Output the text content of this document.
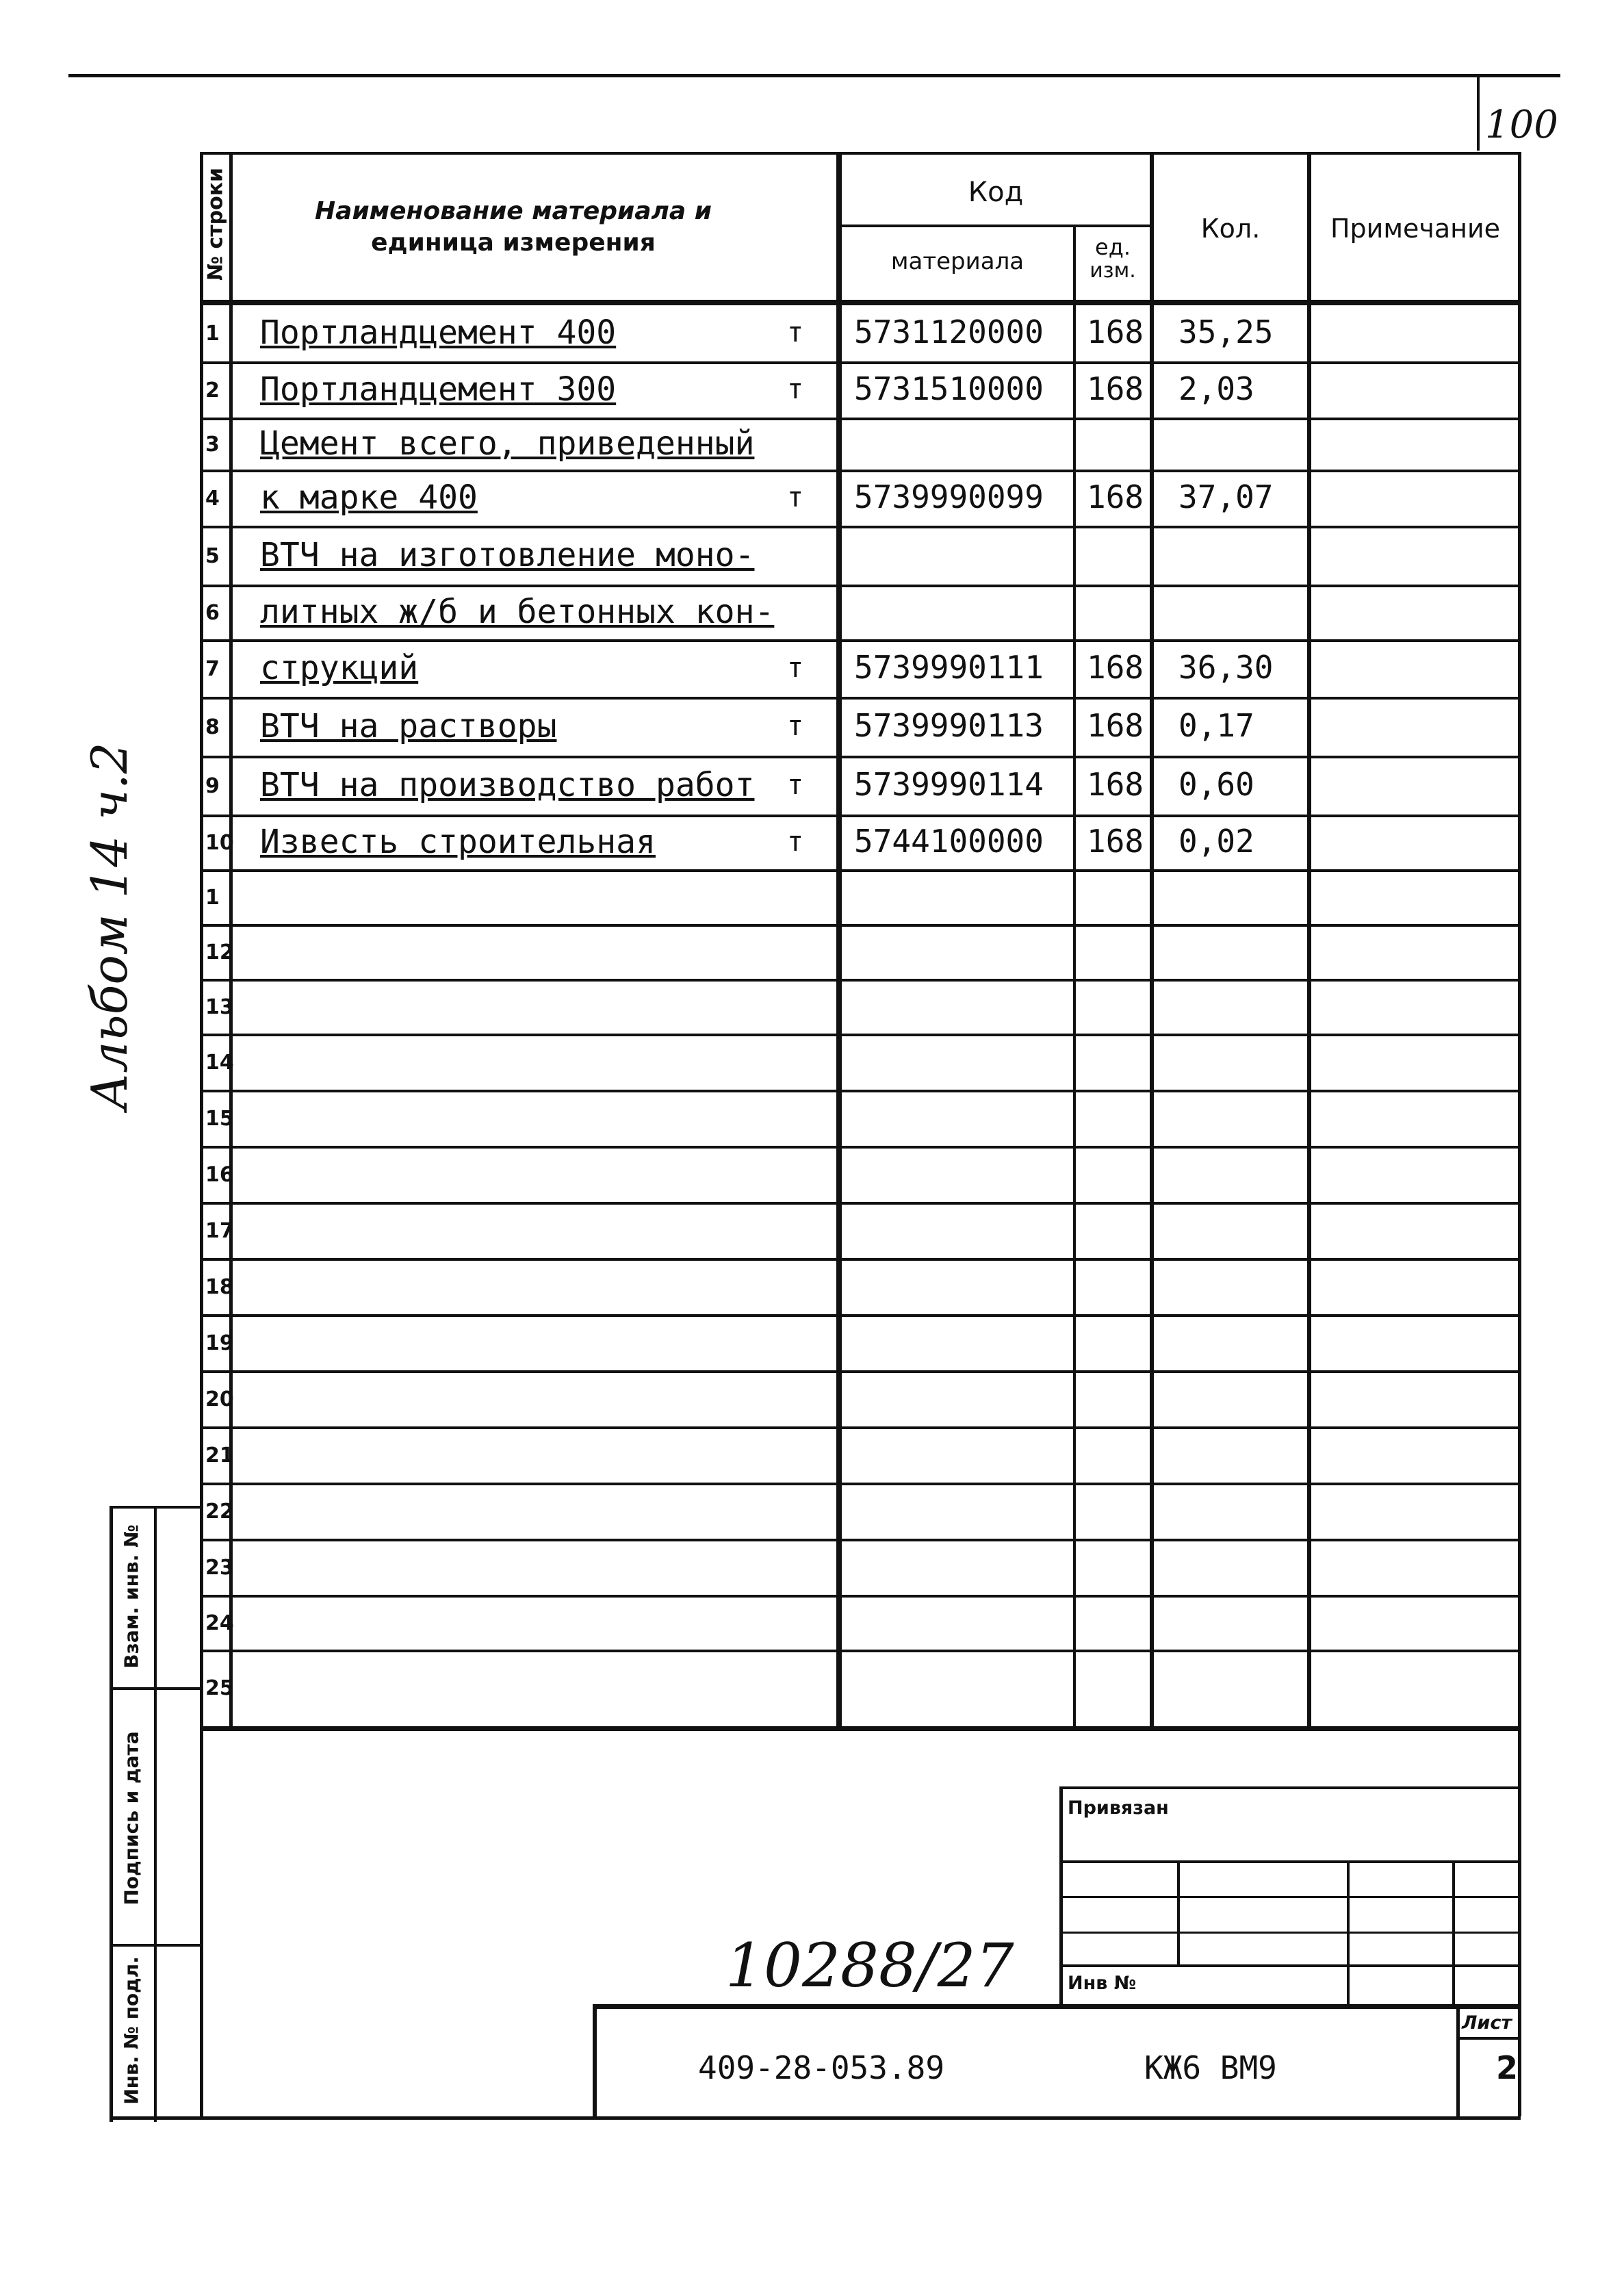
100
Альбом 14 ч.2
№ строки	Наименование материала и
единица измерения
Код
материала
ед.
изм.
Кол.	Примечание
1 Портландцемент 400	т 5731120000 168 35,25
2 Портландцемент 300	т 5731510000 168 2,03
3 Цемент всего, приведенный
4 к марке 400	т 5739990099 168 37,07
5 ВТЧ на изготовление моно-
6 литных ж/б и бетонных кон-
7 струкций	т 5739990111 168 36,30
8 ВТЧ на растворы	т 5739990113 168 0,17
9 ВТЧ на производство работ т 5739990114 168 0,60
10 Известь строительная	т 5744100000 168 0,02
1
12
13
14
15
16
17
18
19
20
21
22
23
24
25
Взам. инв. №
Подпись и дата
Инв. № подл.
Привязан
Инв №
10288/27
409-28-053.89	КЖ6 ВМ9
Лист
2
